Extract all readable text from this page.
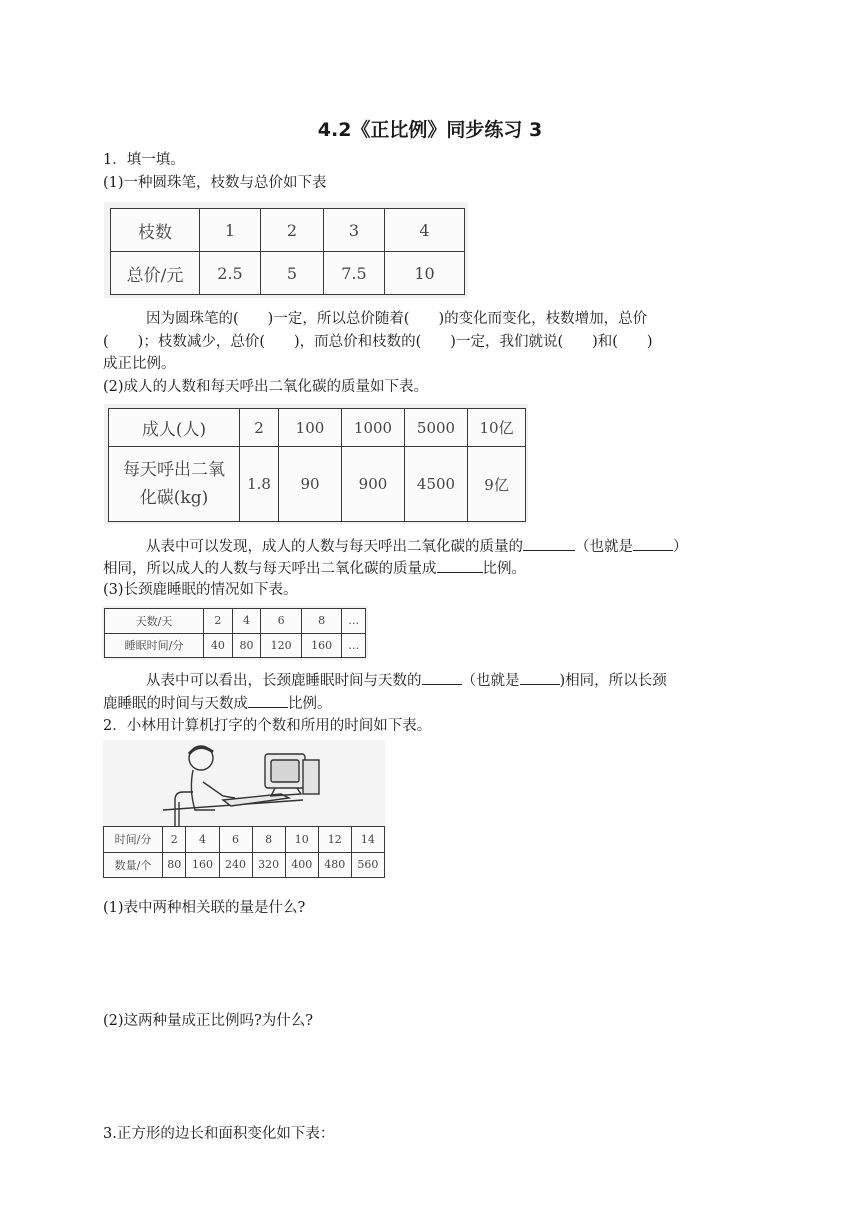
4.2《正比例》同步练习 3
1．填一填。
(1)一种圆珠笔，枝数与总价如下表
枝数	1	2	3	4
总价/元	2.5	5	7.5	10
因为圆珠笔的(　　)一定，所以总价随着(　　)的变化而变化，枝数增加，总价
(　　)；枝数减少，总价(　　)，而总价和枝数的(　　)一定，我们就说(　　)和(　　)
成正比例。
(2)成人的人数和每天呼出二氧化碳的质量如下表。
成人(人)	2	100	1000	5000	10亿

每天呼出二氧
化碳(kg)	1.8	90	900	4500	9亿
从表中可以发现，成人的人数与每天呼出二氧化碳的质量的	（也就是	）
相同，所以成人的人数与每天呼出二氧化碳的质量成	比例。
(3)长颈鹿睡眠的情况如下表。
天数/天	2	4	6	8	…
睡眠时间/分	40	80	120	160	…
从表中可以看出，长颈鹿睡眠时间与天数的	（也就是	)相同，所以长颈
鹿睡眠的时间与天数成	比例。
2．小林用计算机打字的个数和所用的时间如下表。
时间/分	2	4	6	8	10	12	14
数量/个	80	160	240	320	400	480	560
(1)表中两种相关联的量是什么?
(2)这两种量成正比例吗?为什么?
3.正方形的边长和面积变化如下表：
